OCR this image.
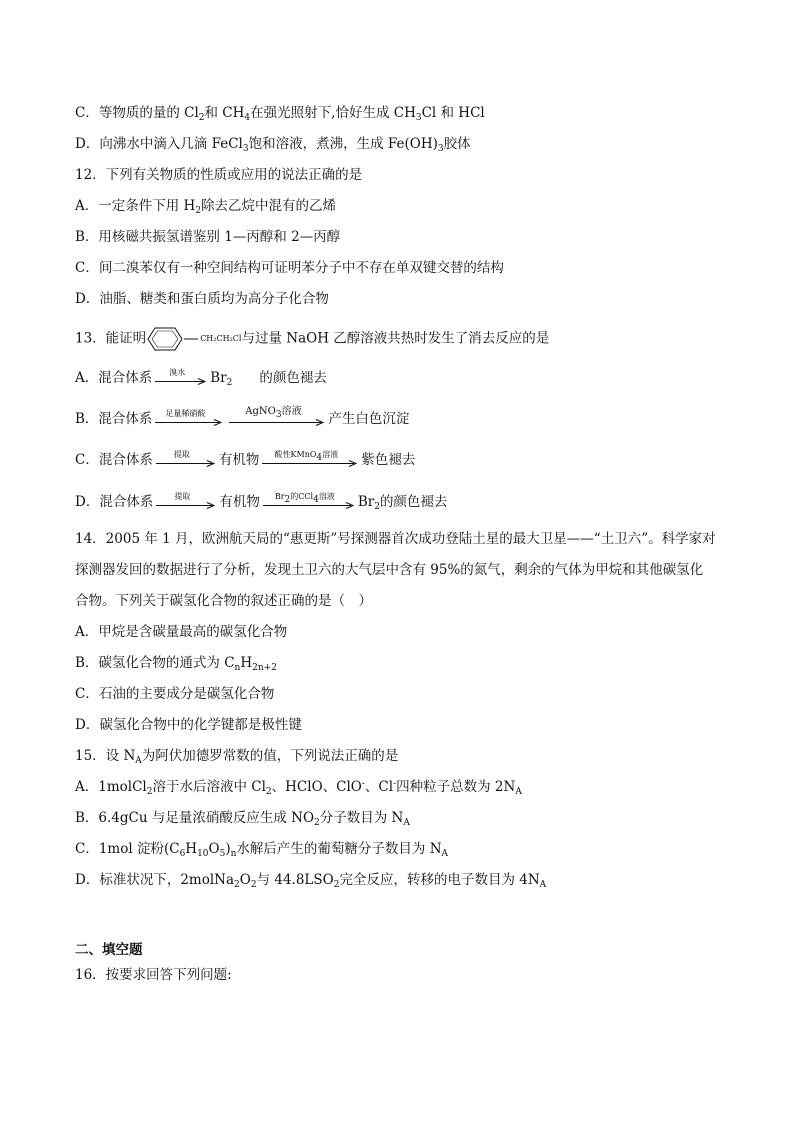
C．等物质的量的 $Cl_2$和 $CH_4$在强光照射下,恰好生成 $CH_3Cl$ 和 HCl
D．向沸水中滴入几滴 FeCl$_3$饱和溶液，煮沸，生成 $Fe(OH)_3$胶体
12．下列有关物质的性质或应用的说法正确的是
A．一定条件下用 $H_2$除去乙烷中混有的乙烯
B．用核磁共振氢谱鉴别 1—丙醇和 2—丙醇
C．间二溴苯仅有一种空间结构可证明苯分子中不存在单双键交替的结构
D．油脂、糖类和蛋白质均为高分子化合物
13．能证明	CH₂CH₂Cl与过量 NaOH 乙醇溶液共热时发生了消去反应的是
A．混合体系	溴水	$Br_2$　　的颜色褪去
B．混合体系	足量稀硝酸	AgNO$_3$溶液	产生白色沉淀
C．混合体系	提取	有机物	酸性KMnO$_4$溶液	紫色褪去
D．混合体系	提取	有机物	$Br_2$的CCl$_4$溶液	$Br_2$的颜色褪去
14．2005 年 1 月，欧洲航天局的“惠更斯”号探测器首次成功登陆土星的最大卫星——“土卫六”。科学家对
探测器发回的数据进行了分析，发现土卫六的大气层中含有 95%的氮气，剩余的气体为甲烷和其他碳氢化
合物。下列关于碳氢化合物的叙述正确的是（　）
A．甲烷是含碳量最高的碳氢化合物
B．碳氢化合物的通式为 $C_nH_{2n+2}$
C．石油的主要成分是碳氢化合物
D．碳氢化合物中的化学键都是极性键
15．设 $N_A$为阿伏加德罗常数的值，下列说法正确的是
A．1molCl$_2$溶于水后溶液中 $Cl_2$、HClO、ClO-、Cl-四种粒子总数为 $2N_A$
B．6.4gCu 与足量浓硝酸反应生成 $NO_2$分子数目为 $N_A$
C．1mol 淀粉$(C_6H_{10}O_5)_n$水解后产生的葡萄糖分子数目为 $N_A$
D．标准状况下，$2molNa_2O_2$与 $44.8LSO_2$完全反应，转移的电子数目为 $4N_A$
二、填空题
16．按要求回答下列问题:
